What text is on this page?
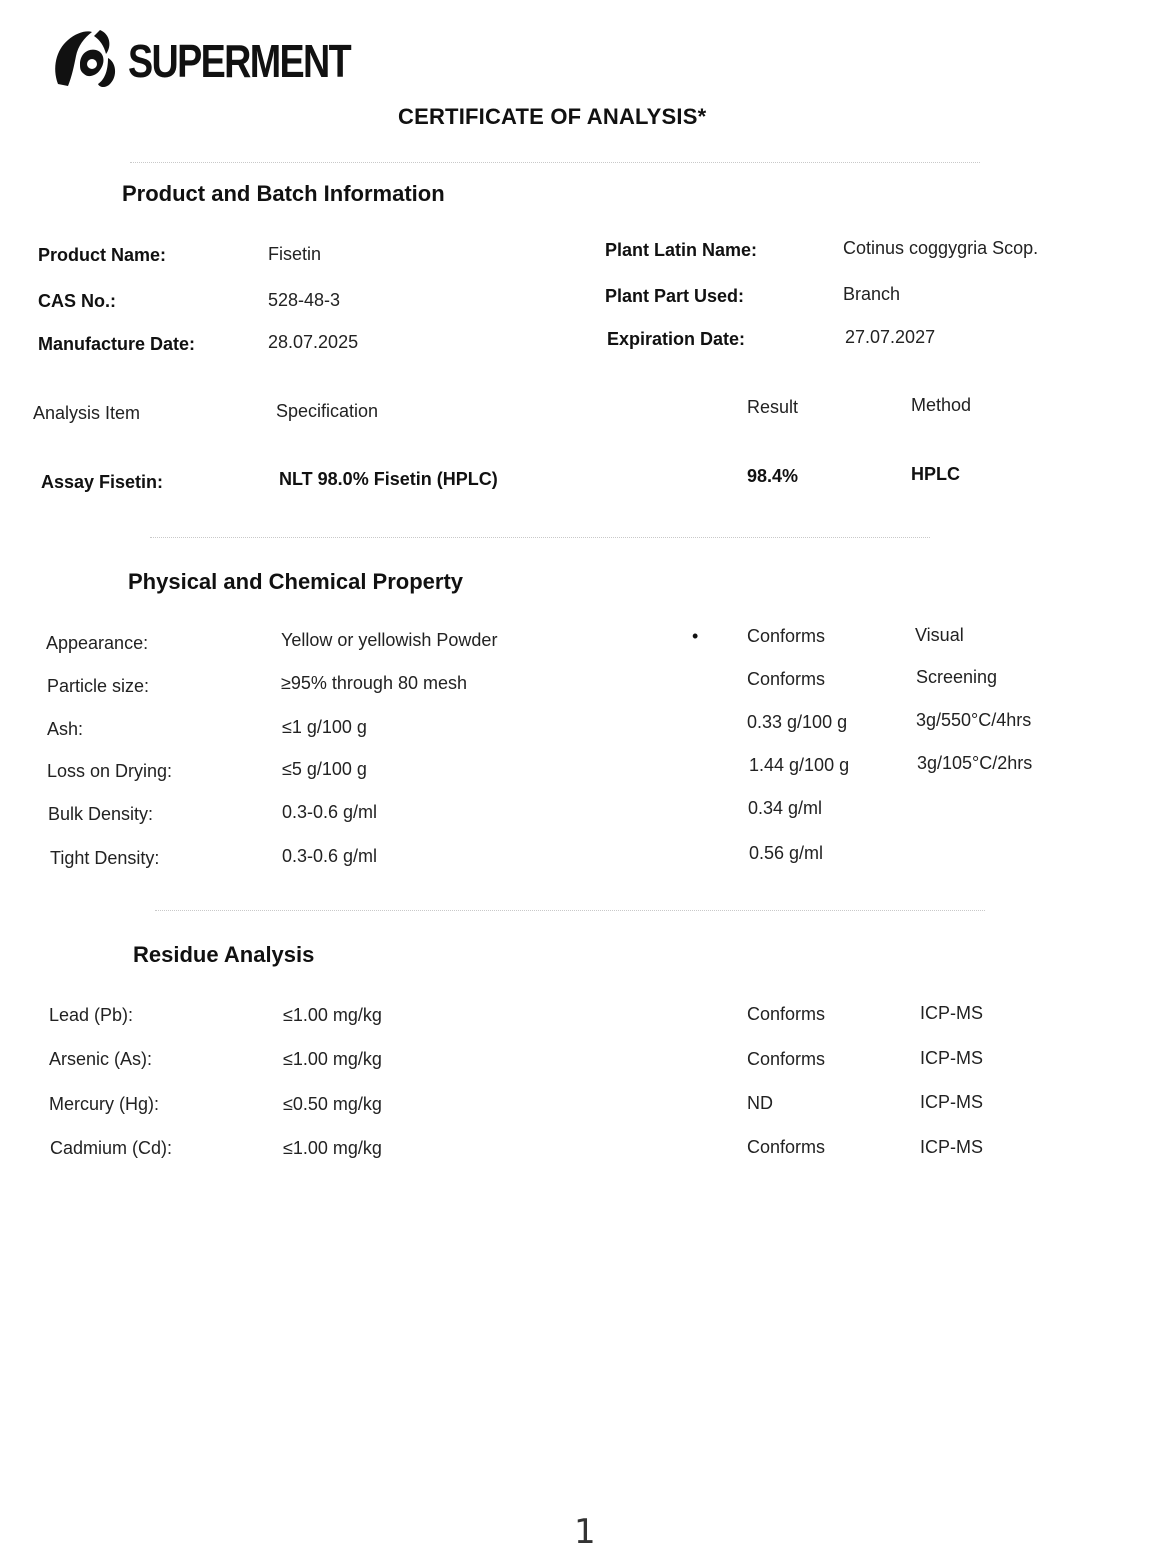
SUPERMENT
CERTIFICATE OF ANALYSIS*
Product and Batch Information
Product Name:	Fisetin
CAS No.:	528-48-3
Manufacture Date:	28.07.2025
Plant Latin Name:	Cotinus coggygria Scop.
Plant Part Used:	Branch
Expiration Date:	27.07.2027
Analysis Item	Specification	Result	Method
Assay Fisetin:	NLT 98.0% Fisetin (HPLC)	98.4%	HPLC
Physical and Chemical Property
•
Appearance:	Yellow or yellowish Powder	Conforms	Visual
Particle size:	≥95% through 80 mesh	Conforms	Screening
Ash:	≤1 g/100 g	0.33 g/100 g	3g/550°C/4hrs
Loss on Drying:	≤5 g/100 g	1.44 g/100 g	3g/105°C/2hrs
Bulk Density:	0.3-0.6 g/ml	0.34 g/ml
Tight Density:	0.3-0.6 g/ml	0.56 g/ml
Residue Analysis
Lead (Pb):	≤1.00 mg/kg	Conforms	ICP-MS
Arsenic (As):	≤1.00 mg/kg	Conforms	ICP-MS
Mercury (Hg):	≤0.50 mg/kg	ND	ICP-MS
Cadmium (Cd):	≤1.00 mg/kg	Conforms	ICP-MS
1
